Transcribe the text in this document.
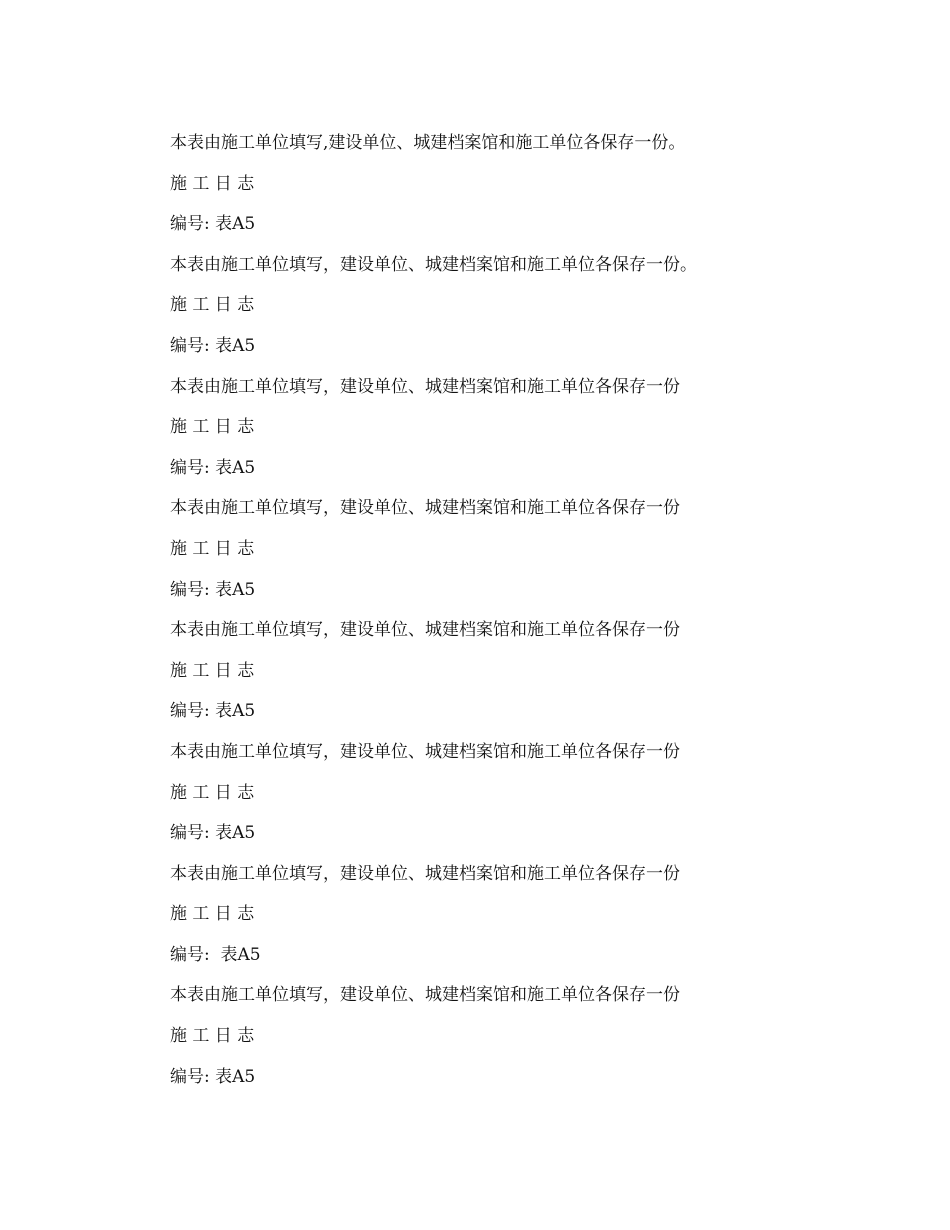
本表由施工单位填写,建设单位、城建档案馆和施工单位各保存一份。
施 工 日 志
编号: 表A5
本表由施工单位填写，建设单位、城建档案馆和施工单位各保存一份。
施 工 日 志
编号: 表A5
本表由施工单位填写，建设单位、城建档案馆和施工单位各保存一份
施 工 日 志
编号: 表A5
本表由施工单位填写，建设单位、城建档案馆和施工单位各保存一份
施 工 日 志
编号: 表A5
本表由施工单位填写，建设单位、城建档案馆和施工单位各保存一份
施 工 日 志
编号: 表A5
本表由施工单位填写，建设单位、城建档案馆和施工单位各保存一份
施 工 日 志
编号: 表A5
本表由施工单位填写，建设单位、城建档案馆和施工单位各保存一份
施 工 日 志
编号:  表A5
本表由施工单位填写，建设单位、城建档案馆和施工单位各保存一份
施 工 日 志
编号: 表A5
